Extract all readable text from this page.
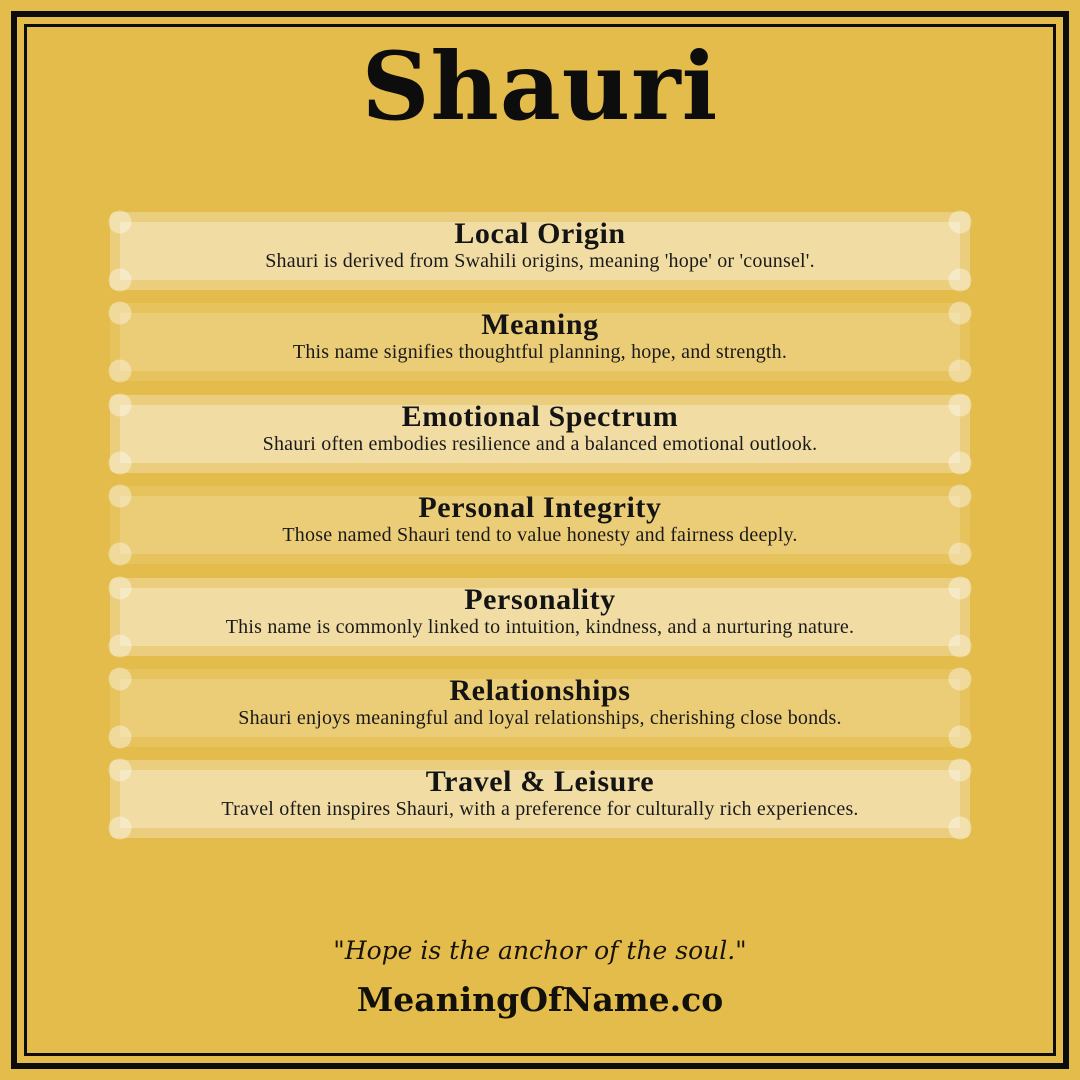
Shauri
Local Origin

Shauri is derived from Swahili origins, meaning 'hope' or 'counsel'.

Meaning

This name signifies thoughtful planning, hope, and strength.

Emotional Spectrum

Shauri often embodies resilience and a balanced emotional outlook.

Personal Integrity

Those named Shauri tend to value honesty and fairness deeply.

Personality

This name is commonly linked to intuition, kindness, and a nurturing nature.

Relationships

Shauri enjoys meaningful and loyal relationships, cherishing close bonds.

Travel & Leisure

Travel often inspires Shauri, with a preference for culturally rich experiences.

"Hope is the anchor of the soul."

MeaningOfName.co
